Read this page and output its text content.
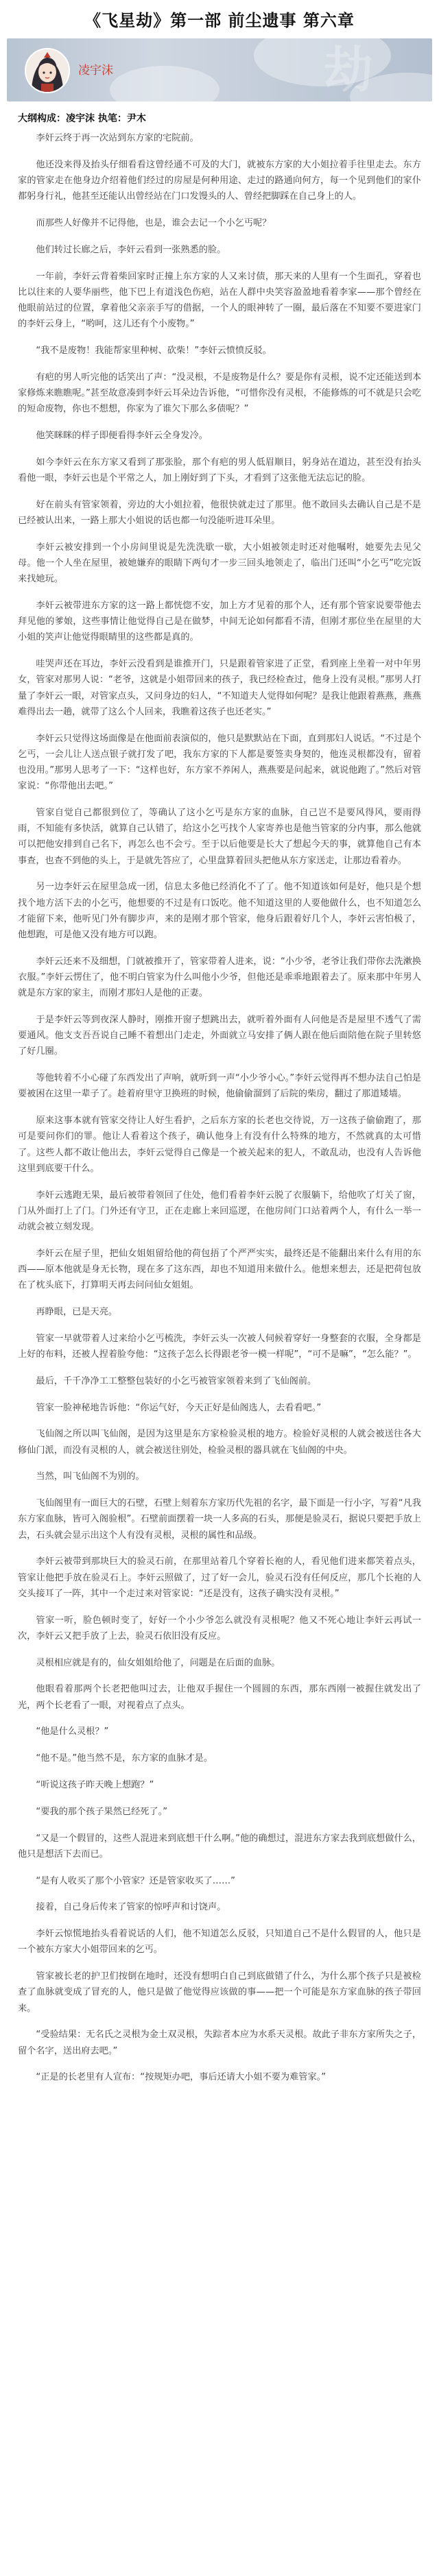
《飞星劫》第一部 前尘遗事 第六章
劫
凌宇沫
大纲构成：凌宇沫 执笔：尹木

李奸云终于再一次站到东方家的宅院前。

他还没来得及抬头仔细看看这曾经通不可及的大门，就被东方家的大小姐拉着手往里走去。东方家的管家走在他身边介绍着他们经过的房屋是何种用途、走过的路通向何方，每一个见到他们的家仆都躬身行礼，他甚至还能认出曾经站在门口发馒头的人、曾经把脚踩在自己身上的人。

而那些人好像并不记得他，也是，谁会去记一个小乞丐呢？

他们转过长廊之后，李奸云看到一张熟悉的脸。

一年前，李奸云背着柴回家时正撞上东方家的人又来讨债，那天来的人里有一个生面孔，穿着也比以往来的人要华丽些，他下巴上有道浅色伤疤，站在人群中央笑容盈盈地看着李家——那个曾经在他眼前站过的位置，拿着他父亲亲手写的借据，一个人的眼神转了一圈，最后落在不知要不要进家门的李奸云身上，“哟呵，这儿还有个小废物。”

“我不是废物！我能帮家里种树、砍柴！”李奸云愤愤反驳。

有疤的男人听完他的话笑出了声：“没灵根，不是废物是什么？要是你有灵根，说不定还能送到本家修炼来瞧瞧呢。”甚至故意凑到李奸云耳朵边告诉他，“可惜你没有灵根，不能修炼的可不就是只会吃的短命废物，你也不想想，你家为了谁欠下那么多债呢？”

他笑眯眯的样子即便看得李奸云全身发冷。

如今李奸云在东方家又看到了那张脸，那个有疤的男人低眉顺目，躬身站在道边，甚至没有抬头看他一眼，李奸云也是个平常之人，加上刚好到了下头，才看到了这张他无法忘记的脸。

好在前头有管家领着，旁边的大小姐拉着，他很快就走过了那里。他不敢回头去确认自己是不是已经被认出来，一路上那大小姐说的话也都一句没能听进耳朵里。

李奸云被安排到一个小房间里说是先洗洗歇一歇，大小姐被领走时还对他嘱咐，她要先去见父母。他一个人坐在屋里，被她嫌弃的眼睛下两句才一步三回头地领走了，临出门还叫“小乞丐”吃完饭来找她玩。

李奸云被带进东方家的这一路上都恍惚不安，加上方才见着的那个人，还有那个管家说要带他去拜见他的爹娘，这些事情让他觉得自己是在做梦，中间无论如何都看不清，但刚才那位坐在屋里的大小姐的笑声让他觉得眼睛里的这些都是真的。

哇哭声还在耳边，李奸云没看到是谁推开门，只是跟着管家进了正堂，看到座上坐着一对中年男女，管家对那男人说：“老爷，这就是小姐带回来的孩子，我已经检查过，他身上没有灵根。”那男人打量了李奸云一眼，对管家点头，又问身边的妇人，“不知道夫人觉得如何呢？是我让他跟着燕燕，燕燕难得出去一趟，就带了这么个人回来，我瞧着这孩子也还老实。”

李奸云只觉得这场面像是在他面前表演似的，他只是默默站在下面，直到那妇人说话。“不过是个乞丐，一会儿让人送点银子就打发了吧，我东方家的下人都是要签卖身契的，他连灵根都没有，留着也没用。”那男人思考了一下：“这样也好，东方家不养闲人，燕燕要是问起来，就说他跑了。”然后对管家说：“你带他出去吧。”

管家自觉自己都很到位了，等确认了这小乞丐是东方家的血脉，自己岂不是要风得风，要雨得雨，不知能有多快活，就算自己认错了，给这小乞丐找个人家寄养也是他当管家的分内事，那么他就可以把他安排到自己名下，再怎么也不会亏。至于以后他要是长大了想起今天的事，就算他自己有本事查，也查不到他的头上，于是就先答应了，心里盘算着回头把他从东方家送走，让那边看着办。

另一边李奸云在屋里急成一团，信息太多他已经消化不了了。他不知道该如何是好，他只是个想找个地方活下去的小乞丐，他想要的不过是有口饭吃。他不知道这里的人要他做什么，也不知道怎么才能留下来，他听见门外有脚步声，来的是刚才那个管家，他身后跟着好几个人，李奸云害怕极了，他想跑，可是他又没有地方可以跑。

李奸云还来不及细想，门就被推开了，管家带着人进来，说：“小少爷，老爷让我们带你去洗漱换衣服。”李奸云愣住了，他不明白管家为什么叫他小少爷，但他还是乖乖地跟着去了。原来那中年男人就是东方家的家主，而刚才那妇人是他的正妻。

于是李奸云等到夜深人静时，刚推开窗子想跳出去，就听着外面有人问他是否是屋里不透气了需要通风。他支支吾吾说自己睡不着想出门走走，外面就立马安排了俩人跟在他后面陪他在院子里转悠了好几圈。

等他转着不小心碰了东西发出了声响，就听到一声“小少爷小心。”李奸云觉得再不想办法自己怕是要被困在这里一辈子了。趁着府里守卫换班的时候，他偷偷溜到了后院的柴房，翻过了那道矮墙。

原来这事本就有管家交待让人好生看护，之后东方家的长老也交待说，万一这孩子偷偷跑了，那可是要问你们的罪。他让人看着这个孩子，确认他身上有没有什么特殊的地方，不然就真的太可惜了。这些人都不敢让他出去，李奸云觉得自己像是一个被关起来的犯人，不敢乱动，也没有人告诉他这里到底要干什么。

李奸云逃跑无果，最后被带着领回了住处，他们看着李奸云脱了衣服躺下，给他吹了灯关了窗，门从外面打上了门。门外还有守卫，正在走廊上来回巡逻，在他房间门口站着两个人，有什么一举一动就会被立刻发现。

李奸云在屋子里，把仙女姐姐留给他的荷包捂了个严严实实，最终还是不能翻出来什么有用的东西——原本他就是身无长物，现在多了这东西，却也不知道用来做什么。他想来想去，还是把荷包放在了枕头底下，打算明天再去问问仙女姐姐。

再睁眼，已是天亮。

管家一早就带着人过来给小乞丐梳洗，李奸云头一次被人伺候着穿好一身整套的衣服，全身都是上好的布料，还被人捏着脸夸他：“这孩子怎么长得跟老爷一模一样呢”，“可不是嘛”，“怎么能？”。

最后，千千净净工工整整包装好的小乞丐被管家领着来到了飞仙阁前。

管家一脸神秘地告诉他：“你运气好，今天正好是仙阁选人，去看看吧。”

飞仙阁之所以叫飞仙阁，是因为这里是东方家检验灵根的地方。检验好灵根的人就会被送往各大修仙门派，而没有灵根的人，就会被送往别处，检验灵根的器具就在飞仙阁的中央。

当然，叫飞仙阁不为别的。

飞仙阁里有一面巨大的石壁，石壁上刻着东方家历代先祖的名字，最下面是一行小字，写着“凡我东方家血脉，皆可入阁验根”。石壁前面摆着一块一人多高的石头，那便是验灵石，据说只要把手放上去，石头就会显示出这个人有没有灵根，灵根的属性和品级。

李奸云被带到那块巨大的验灵石前，在那里站着几个穿着长袍的人，看见他们进来都笑着点头，管家让他把手放在验灵石上。李奸云照做了，过了好一会儿，验灵石没有任何反应，那几个长袍的人交头接耳了一阵，其中一个走过来对管家说：“还是没有，这孩子确实没有灵根。”

管家一听，脸色顿时变了，好好一个小少爷怎么就没有灵根呢？他又不死心地让李奸云再试一次，李奸云又把手放了上去，验灵石依旧没有反应。

灵根相应就是有的，仙女姐姐给他了，问题是在后面的血脉。

他眼看着那两个长老把他叫过去，让他双手握住一个圆圆的东西，那东西刚一被握住就发出了光，两个长老看了一眼，对视着点了点头。

“他是什么灵根？”

“他不是。”他当然不是，东方家的血脉才是。

“听说这孩子昨天晚上想跑？”

“要我的那个孩子果然已经死了。”

“又是一个假冒的，这些人混进来到底想干什么啊。”他的确想过，混进东方家去我到底想做什么，他只是想活下去而已。

“是有人收买了那个小管家？还是管家收买了……”

接着，自己身后传来了管家的惊呼声和讨饶声。

李奸云惊慌地抬头看着说话的人们，他不知道怎么反驳，只知道自己不是什么假冒的人，他只是一个被东方家大小姐带回来的乞丐。

管家被长老的护卫们按倒在地时，还没有想明白自己到底做错了什么，为什么那个孩子只是被检查了血脉就变成了冒充的人，他只是做了他觉得应该做的事——把一个可能是东方家血脉的孩子带回来。

“受验结果：无名氏之灵根为金土双灵根，失踪者本应为水系天灵根。故此子非东方家所失之子，留个名字，送出府去吧。”

“正是的长老里有人宣布：“按规矩办吧，事后还请大小姐不要为难管家。”
